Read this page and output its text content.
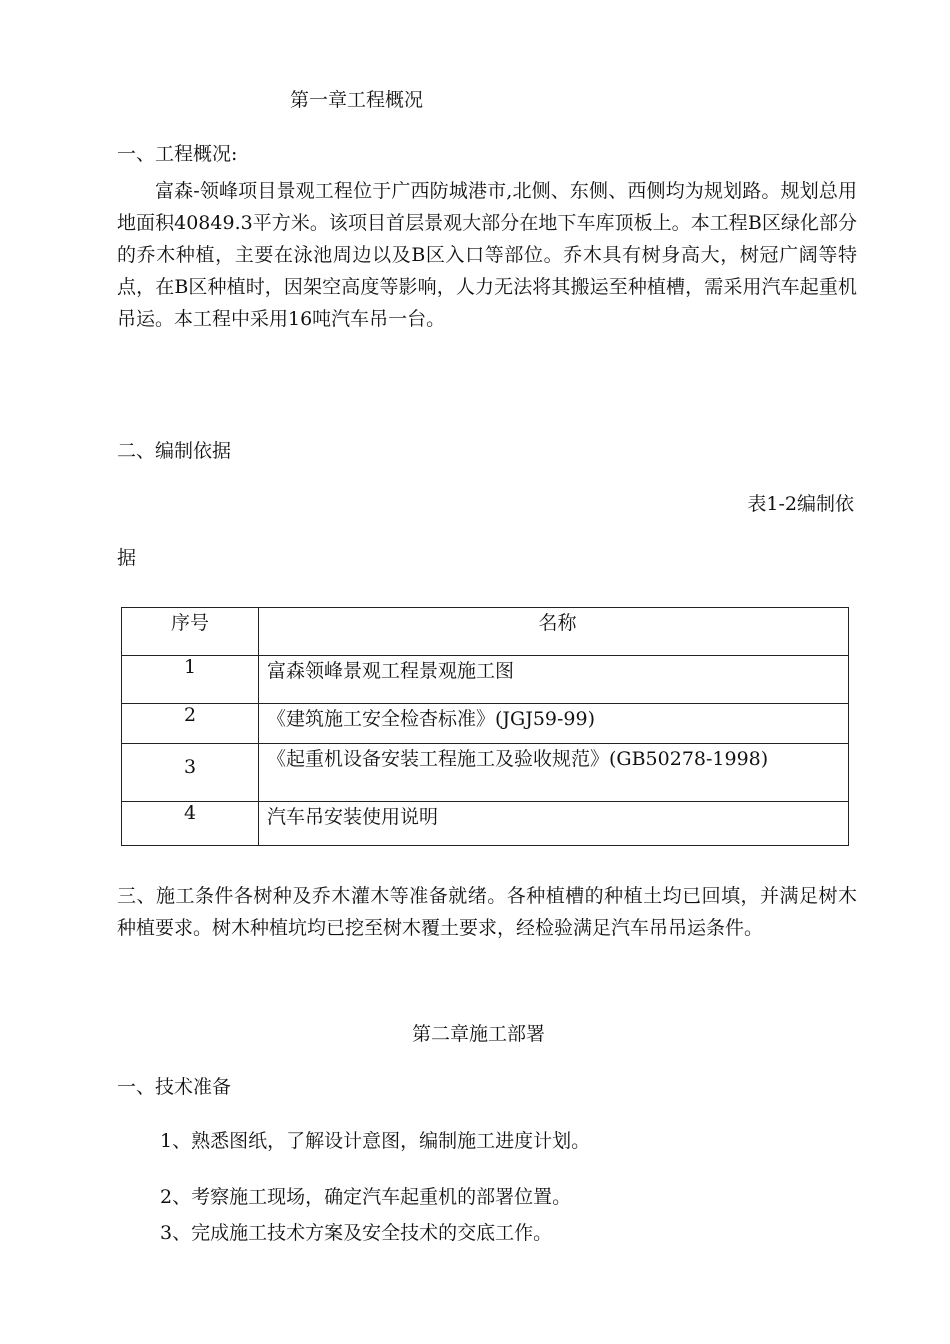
第一章工程概况
一、工程概况:
富森-领峰项目景观工程位于广西防城港市,北侧、东侧、西侧均为规划路。规划总用地面积40849.3平方米。该项目首层景观大部分在地下车库顶板上。本工程B区绿化部分的乔木种植，主要在泳池周边以及B区入口等部位。乔木具有树身高大，树冠广阔等特点，在B区种植时，因架空高度等影响，人力无法将其搬运至种植槽，需采用汽车起重机吊运。本工程中采用16吨汽车吊一台。
二、编制依据
表1-2编制依
据
序号	名称
1	富森领峰景观工程景观施工图
2	《建筑施工安全检杳标准》(JGJ59-99)
3	《起重机设备安装工程施工及验收规范》(GB50278-1998)
4	汽车吊安装使用说明
三、施工条件各树种及乔木灌木等准备就绪。各种植槽的种植土均已回填，并满足树木种植要求。树木种植坑均已挖至树木覆土要求，经检验满足汽车吊吊运条件。
第二章施工部署
一、技术准备
1、熟悉图纸，了解设计意图，编制施工进度计划。
2、考察施工现场，确定汽车起重机的部署位置。
3、完成施工技术方案及安全技术的交底工作。
